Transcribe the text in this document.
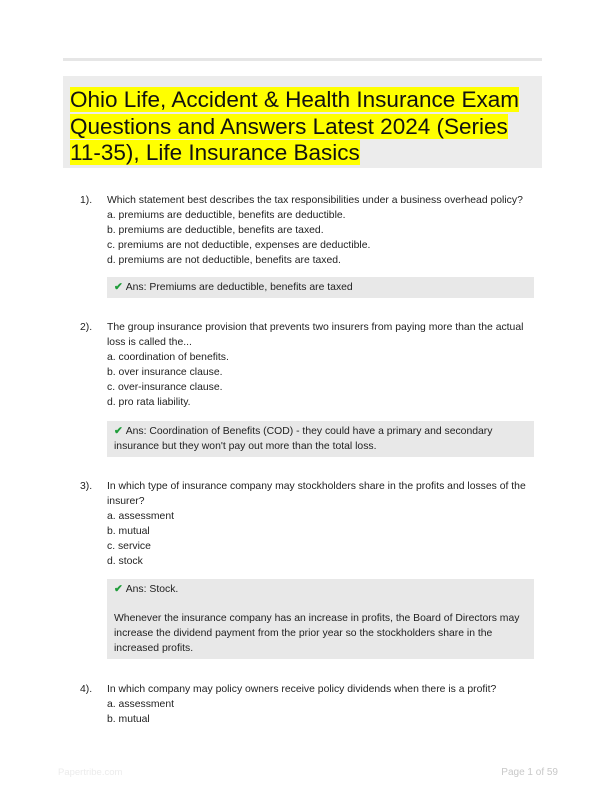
Ohio Life, Accident & Health Insurance Exam Questions and Answers Latest 2024 (Series 11-35), Life Insurance Basics
1). Which statement best describes the tax responsibilities under a business overhead policy?

a. premiums are deductible, benefits are deductible.

b. premiums are deductible, benefits are taxed.

c. premiums are not deductible, expenses are deductible.

d. premiums are not deductible, benefits are taxed.

✔ Ans: Premiums are deductible, benefits are taxed

2). The group insurance provision that prevents two insurers from paying more than the actual loss is called the...

a. coordination of benefits.

b. over insurance clause.

c. over-insurance clause.

d. pro rata liability.

✔ Ans: Coordination of Benefits (COD) - they could have a primary and secondary insurance but they won't pay out more than the total loss.

3). In which type of insurance company may stockholders share in the profits and losses of the insurer?

a. assessment

b. mutual

c. service

d. stock

✔ Ans: Stock.

Whenever the insurance company has an increase in profits, the Board of Directors may increase the dividend payment from the prior year so the stockholders share in the increased profits.

4). In which company may policy owners receive policy dividends when there is a profit?

a. assessment

b. mutual

Papertribe.com	Page 1 of 59
